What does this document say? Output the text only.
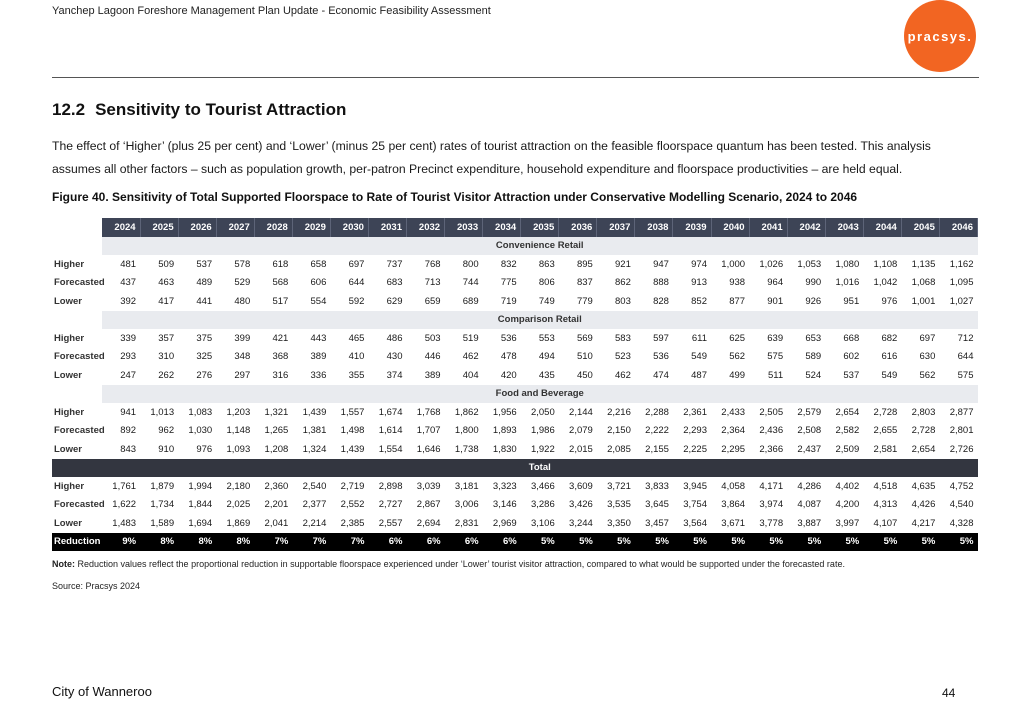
Yanchep Lagoon Foreshore Management Plan Update - Economic Feasibility Assessment
pracsys.
12.2 Sensitivity to Tourist Attraction

The effect of ‘Higher’ (plus 25 per cent) and ‘Lower’ (minus 25 per cent) rates of tourist attraction on the feasible floorspace quantum has been tested. This analysis assumes all other factors – such as population growth, per-patron Precinct expenditure, household expenditure and floorspace productivities – are held equal.

Figure 40. Sensitivity of Total Supported Floorspace to Rate of Tourist Visitor Attraction under Conservative Modelling Scenario, 2024 to 2046
	2024	2025	2026	2027	2028	2029	2030	2031	2032	2033	2034	2035	2036	2037	2038	2039	2040	2041	2042	2043	2044	2045	2046
	Convenience Retail																						
Higher	481	509	537	578	618	658	697	737	768	800	832	863	895	921	947	974	1,000	1,026	1,053	1,080	1,108	1,135	1,162
Forecasted	437	463	489	529	568	606	644	683	713	744	775	806	837	862	888	913	938	964	990	1,016	1,042	1,068	1,095
Lower	392	417	441	480	517	554	592	629	659	689	719	749	779	803	828	852	877	901	926	951	976	1,001	1,027
	Comparison Retail																						
Higher	339	357	375	399	421	443	465	486	503	519	536	553	569	583	597	611	625	639	653	668	682	697	712
Forecasted	293	310	325	348	368	389	410	430	446	462	478	494	510	523	536	549	562	575	589	602	616	630	644
Lower	247	262	276	297	316	336	355	374	389	404	420	435	450	462	474	487	499	511	524	537	549	562	575
	Food and Beverage																						
Higher	941	1,013	1,083	1,203	1,321	1,439	1,557	1,674	1,768	1,862	1,956	2,050	2,144	2,216	2,288	2,361	2,433	2,505	2,579	2,654	2,728	2,803	2,877
Forecasted	892	962	1,030	1,148	1,265	1,381	1,498	1,614	1,707	1,800	1,893	1,986	2,079	2,150	2,222	2,293	2,364	2,436	2,508	2,582	2,655	2,728	2,801
Lower	843	910	976	1,093	1,208	1,324	1,439	1,554	1,646	1,738	1,830	1,922	2,015	2,085	2,155	2,225	2,295	2,366	2,437	2,509	2,581	2,654	2,726
	Total																						
Higher	1,761	1,879	1,994	2,180	2,360	2,540	2,719	2,898	3,039	3,181	3,323	3,466	3,609	3,721	3,833	3,945	4,058	4,171	4,286	4,402	4,518	4,635	4,752
Forecasted	1,622	1,734	1,844	2,025	2,201	2,377	2,552	2,727	2,867	3,006	3,146	3,286	3,426	3,535	3,645	3,754	3,864	3,974	4,087	4,200	4,313	4,426	4,540
Lower	1,483	1,589	1,694	1,869	2,041	2,214	2,385	2,557	2,694	2,831	2,969	3,106	3,244	3,350	3,457	3,564	3,671	3,778	3,887	3,997	4,107	4,217	4,328
Reduction	9%	8%	8%	8%	7%	7%	7%	6%	6%	6%	6%	5%	5%	5%	5%	5%	5%	5%	5%	5%	5%	5%	5%
Note: Reduction values reflect the proportional reduction in supportable floorspace experienced under ‘Lower’ tourist visitor attraction, compared to what would be supported under the forecasted rate.
Source: Pracsys 2024
City of Wanneroo	44
